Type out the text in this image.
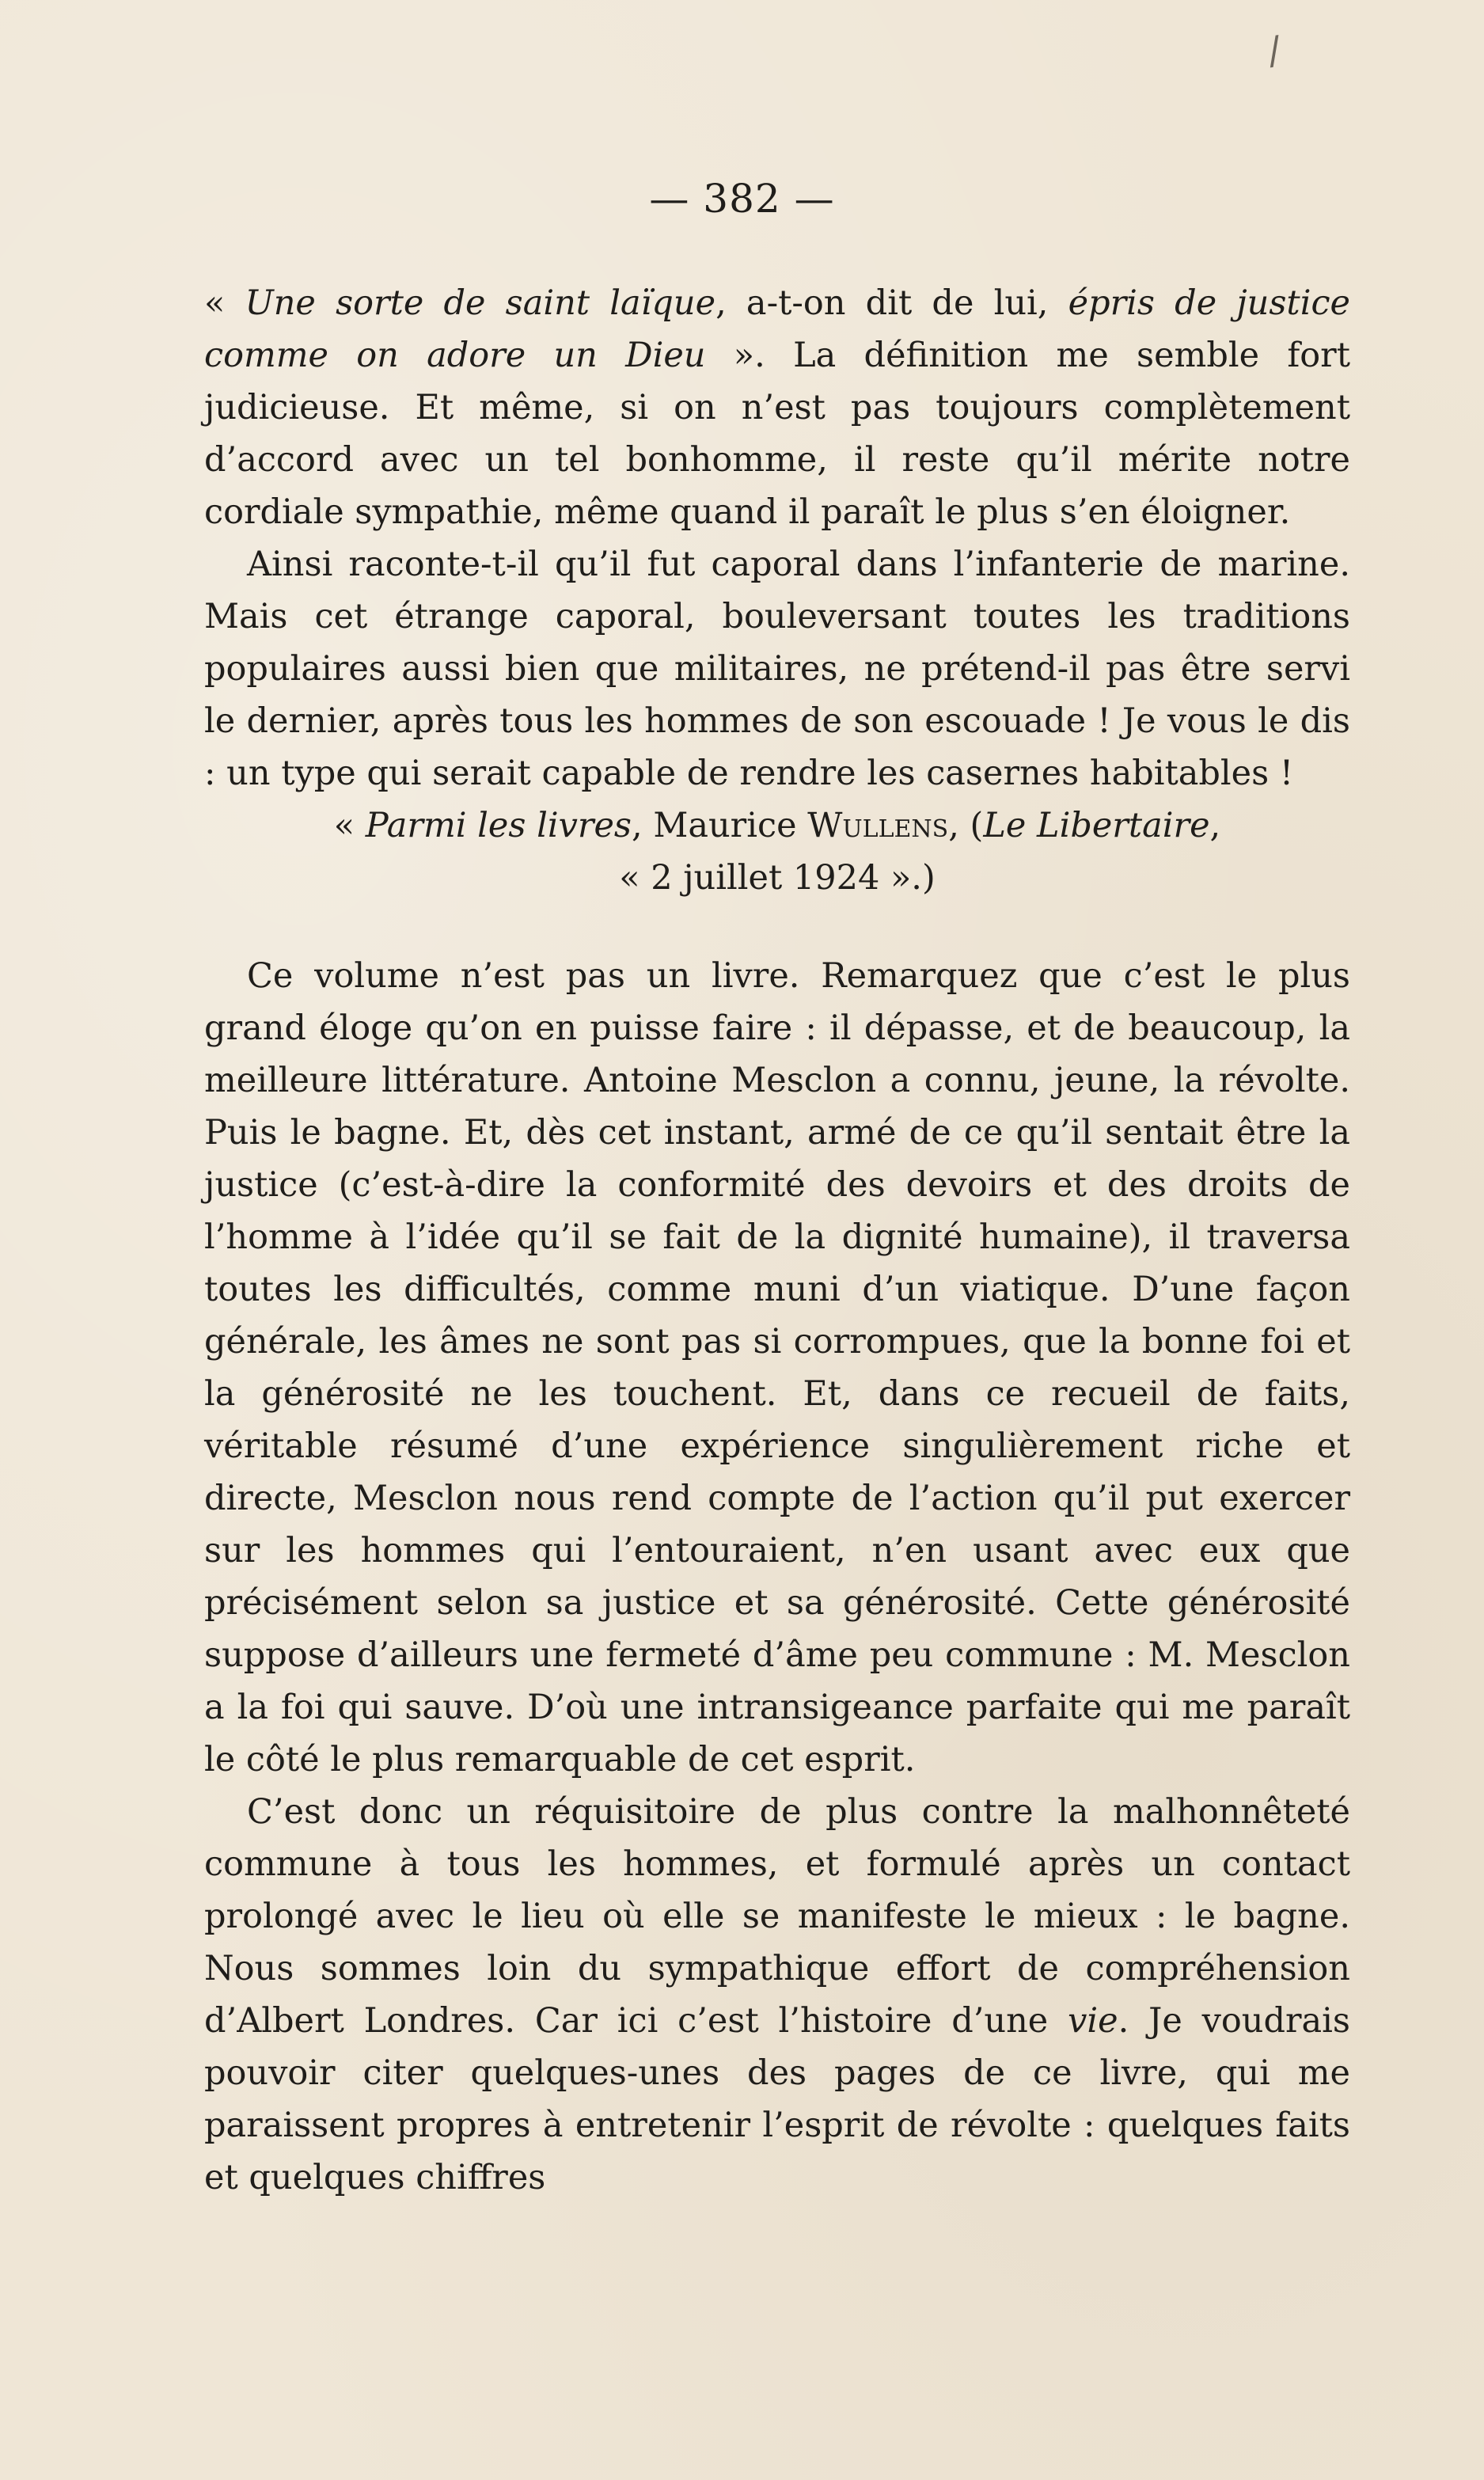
/
— 382 —

« Une sorte de saint laïque, a-t-on dit de lui, épris de justice comme on adore un Dieu ». La définition me semble fort judicieuse. Et même, si on n’est pas toujours complètement d’accord avec un tel bonhomme, il reste qu’il mérite notre cordiale sympathie, même quand il paraît le plus s’en éloigner.

Ainsi raconte-t-il qu’il fut caporal dans l’infanterie de marine. Mais cet étrange caporal, bouleversant toutes les traditions populaires aussi bien que militaires, ne prétend-il pas être servi le dernier, après tous les hommes de son escouade ! Je vous le dis : un type qui serait capable de rendre les casernes habitables !

« Parmi les livres, Maurice Wullens, (Le Libertaire,

« 2 juillet 1924 ».)

Ce volume n’est pas un livre. Remarquez que c’est le plus grand éloge qu’on en puisse faire : il dépasse, et de beaucoup, la meilleure littérature. Antoine Mesclon a connu, jeune, la révolte. Puis le bagne. Et, dès cet instant, armé de ce qu’il sentait être la justice (c’est-à-dire la conformité des devoirs et des droits de l’homme à l’idée qu’il se fait de la dignité humaine), il traversa toutes les difficultés, comme muni d’un viatique. D’une façon générale, les âmes ne sont pas si corrompues, que la bonne foi et la générosité ne les touchent. Et, dans ce recueil de faits, véritable résumé d’une expérience singulièrement riche et directe, Mesclon nous rend compte de l’action qu’il put exercer sur les hommes qui l’entouraient, n’en usant avec eux que précisément selon sa justice et sa générosité. Cette générosité suppose d’ailleurs une fermeté d’âme peu commune : M. Mesclon a la foi qui sauve. D’où une intransigeance parfaite qui me paraît le côté le plus remarquable de cet esprit.

C’est donc un réquisitoire de plus contre la malhonnêteté commune à tous les hommes, et formulé après un contact prolongé avec le lieu où elle se manifeste le mieux : le bagne. Nous sommes loin du sympathique effort de compréhension d’Albert Londres. Car ici c’est l’histoire d’une vie. Je voudrais pouvoir citer quelques-unes des pages de ce livre, qui me paraissent propres à entretenir l’esprit de révolte : quelques faits et quelques chiffres
